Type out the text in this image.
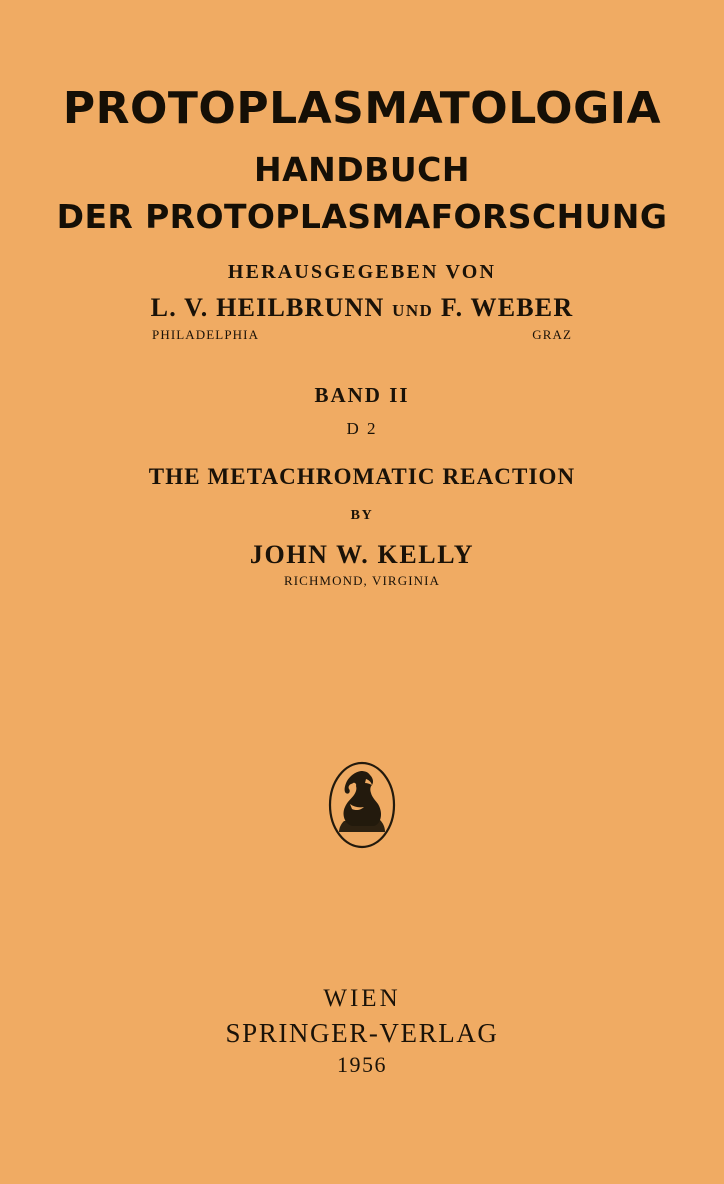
PROTOPLASMATOLOGIA
HANDBUCH
DER PROTOPLASMAFORSCHUNG
HERAUSGEGEBEN VON
L. V. HEILBRUNN UND F. WEBER
PHILADELPHIA	GRAZ
BAND II
D 2
THE METACHROMATIC REACTION
BY
JOHN W. KELLY
RICHMOND, VIRGINIA
WIEN
SPRINGER-VERLAG
1956
